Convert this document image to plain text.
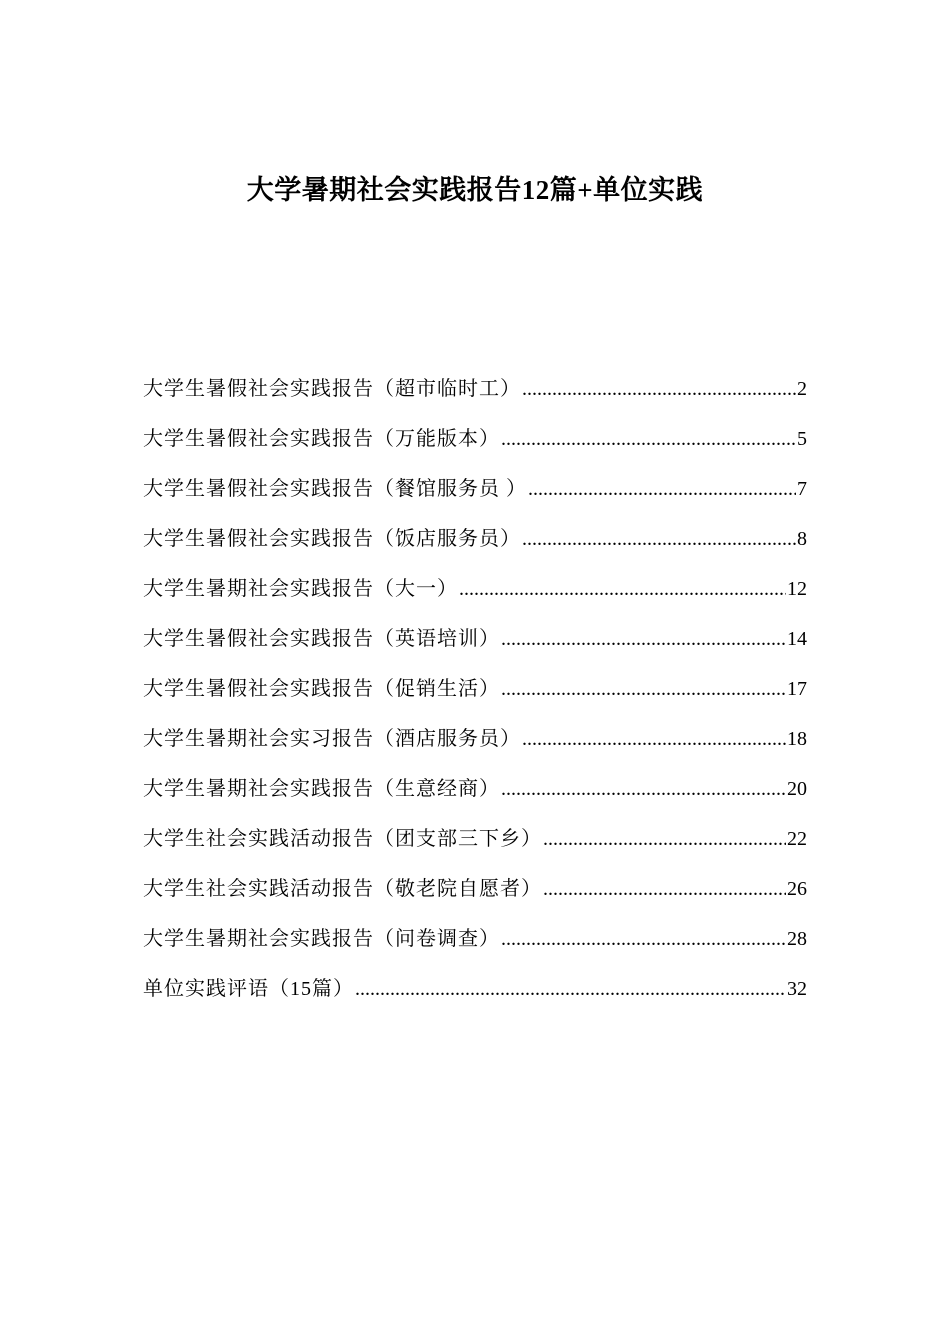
大学暑期社会实践报告12篇+单位实践
大学生暑假社会实践报告（超市临时工） .....	2
大学生暑假社会实践报告（万能版本） .....	5
大学生暑假社会实践报告（餐馆服务员 ） .....	7
大学生暑假社会实践报告（饭店服务员） .....	8
大学生暑期社会实践报告（大一） .....	12
大学生暑假社会实践报告（英语培训） .....	14
大学生暑假社会实践报告（促销生活） .....	17
大学生暑期社会实习报告（酒店服务员） .....	18
大学生暑期社会实践报告（生意经商） .....	20
大学生社会实践活动报告（团支部三下乡） .....	22
大学生社会实践活动报告（敬老院自愿者） .....	26
大学生暑期社会实践报告（问卷调查） .....	28
单位实践评语（15篇） .....	32
